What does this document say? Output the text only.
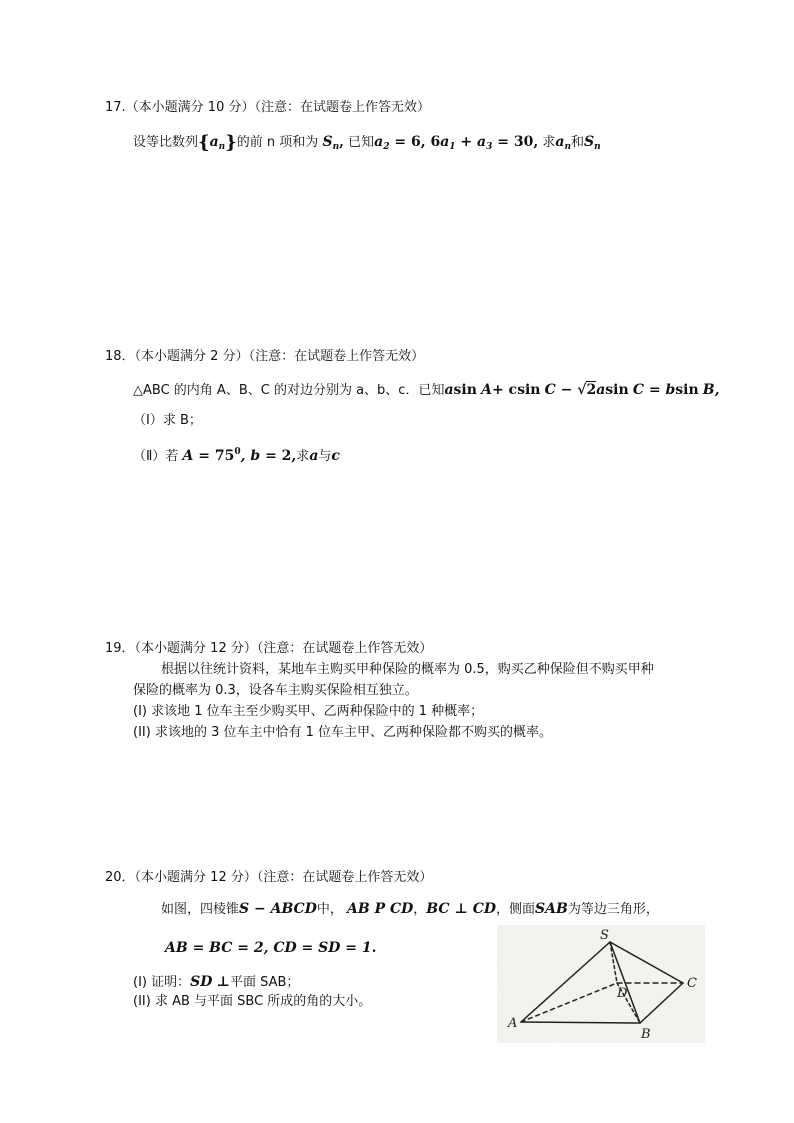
17.（本小题满分 10 分）（注意：在试题卷上作答无效）
设等比数列$\{a_n\}$的前 n 项和为 $S_n$, 已知$a_2 = 6$, $6a_1 + a_3 = 30$, 求$a_n$和$S_n$
18．（本小题满分 2 分）（注意：在试题卷上作答无效）
△ABC 的内角 A、B、C 的对边分别为 a、b、c．已知asin A+ csin C − √2asin C = bsin B,
（Ⅰ）求 B；
（Ⅱ）若 $A = 75^0$, b = 2,求a与c
19．（本小题满分 12 分）（注意：在试题卷上作答无效）
根据以往统计资料，某地车主购买甲种保险的概率为 0.5，购买乙种保险但不购买甲种
保险的概率为 0.3，设各车主购买保险相互独立。
(I) 求该地 1 位车主至少购买甲、乙两种保险中的 1 种概率；
(II) 求该地的 3 位车主中恰有 1 位车主甲、乙两种保险都不购买的概率。
20．（本小题满分 12 分）（注意：在试题卷上作答无效）
如图，四棱锥S − ABCD中， AB P CD，BC ⊥ CD，侧面SAB为等边三角形，
AB = BC = 2, CD = SD = 1.
(I) 证明：SD ⊥平面 SAB；
(II) 求 AB 与平面 SBC 所成的角的大小。
S
D
C
A
B
